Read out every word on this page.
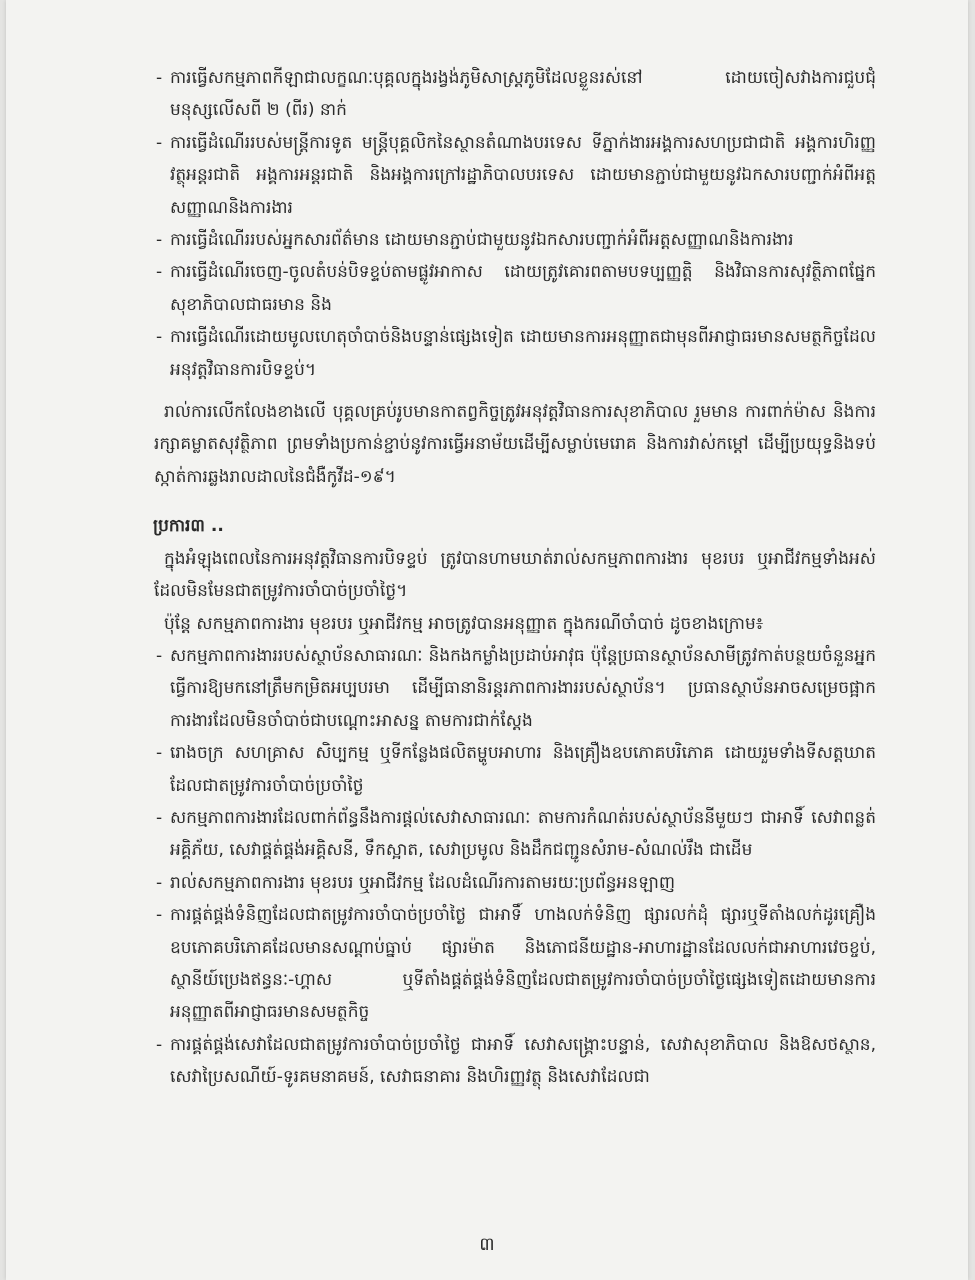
- ការធ្វើសកម្មភាពកីឡាជាលក្ខណៈបុគ្គលក្នុងរង្វង់ភូមិសាស្ត្រភូមិដែលខ្លួនរស់នៅ ដោយចៀសវាងការជួបជុំមនុស្សលើសពី ២ (ពីរ) នាក់
- ការធ្វើដំណើររបស់មន្ត្រីការទូត មន្ត្រីបុគ្គលិកនៃស្ថានតំណាងបរទេស ទីភ្នាក់ងារអង្គការសហប្រជាជាតិ អង្គការហិរញ្ញវត្ថុអន្តរជាតិ អង្គការអន្តរជាតិ និងអង្គការក្រៅរដ្ឋាភិបាលបរទេស ដោយមានភ្ជាប់ជាមួយនូវឯកសារបញ្ជាក់អំពីអត្តសញ្ញាណនិងការងារ
- ការធ្វើដំណើររបស់អ្នកសារព័ត៌មាន ដោយមានភ្ជាប់ជាមួយនូវឯកសារបញ្ជាក់អំពីអត្តសញ្ញាណនិងការងារ
- ការធ្វើដំណើរចេញ-ចូលតំបន់បិទខ្ទប់តាមផ្លូវអាកាស ដោយត្រូវគោរពតាមបទប្បញ្ញត្តិ និងវិធានការសុវត្ថិភាពផ្នែកសុខាភិបាលជាធរមាន និង
- ការធ្វើដំណើរដោយមូលហេតុចាំបាច់និងបន្ទាន់ផ្សេងទៀត ដោយមានការអនុញ្ញាតជាមុនពីអាជ្ញាធរមានសមត្ថកិច្ចដែលអនុវត្តវិធានការបិទខ្ទប់។

រាល់ការលើកលែងខាងលើ បុគ្គលគ្រប់រូបមានកាតព្វកិច្ចត្រូវអនុវត្តវិធានការសុខាភិបាល រួមមាន ការពាក់ម៉ាស និងការរក្សាគម្លាតសុវត្ថិភាព ព្រមទាំងប្រកាន់ខ្ជាប់នូវការធ្វើអនាម័យដើម្បីសម្លាប់មេរោគ និងការវាស់កម្តៅ ដើម្បីប្រយុទ្ធនិងទប់ស្កាត់ការឆ្លងរាលដាលនៃជំងឺកូវីដ-១៩។

ប្រការ៣ ..
ក្នុងអំឡុងពេលនៃការអនុវត្តវិធានការបិទខ្ទប់ ត្រូវបានហាមឃាត់រាល់សកម្មភាពការងារ មុខរបរ ឬអាជីវកម្មទាំងអស់ ដែលមិនមែនជាតម្រូវការចាំបាច់ប្រចាំថ្ងៃ។
ប៉ុន្តែ សកម្មភាពការងារ មុខរបរ ឬអាជីវកម្ម អាចត្រូវបានអនុញ្ញាត ក្នុងករណីចាំបាច់ ដូចខាងក្រោម៖
- សកម្មភាពការងាររបស់ស្ថាប័នសាធារណៈ និងកងកម្លាំងប្រដាប់អាវុធ ប៉ុន្តែប្រធានស្ថាប័នសាមីត្រូវកាត់បន្ថយចំនួនអ្នកធ្វើការឱ្យមកនៅត្រឹមកម្រិតអប្បបរមា ដើម្បីធានានិរន្តរភាពការងាររបស់ស្ថាប័ន។ ប្រធានស្ថាប័នអាចសម្រេចផ្អាកការងារដែលមិនចាំបាច់ជាបណ្ដោះអាសន្ន តាមការជាក់ស្តែង
- រោងចក្រ សហគ្រាស សិប្បកម្ម ឬទីកន្លែងផលិតម្ហូបអាហារ និងគ្រឿងឧបភោគបរិភោគ ដោយរួមទាំងទីសត្តឃាត ដែលជាតម្រូវការចាំបាច់ប្រចាំថ្ងៃ
- សកម្មភាពការងារដែលពាក់ព័ន្ធនឹងការផ្តល់សេវាសាធារណៈ តាមការកំណត់របស់ស្ថាប័ននីមួយៗ ជាអាទិ៍ សេវាពន្លត់អគ្គិភ័យ, សេវាផ្គត់ផ្គង់អគ្គិសនី, ទឹកស្អាត, សេវាប្រមូល និងដឹកជញ្ជូនសំរាម-សំណល់រឹង ជាដើម
- រាល់សកម្មភាពការងារ មុខរបរ ឬអាជីវកម្ម ដែលដំណើរការតាមរយៈប្រព័ន្ធអនឡាញ
- ការផ្គត់ផ្គង់ទំនិញដែលជាតម្រូវការចាំបាច់ប្រចាំថ្ងៃ ជាអាទិ៍ ហាងលក់ទំនិញ ផ្សារលក់ដុំ ផ្សារឬទីតាំងលក់ដូរគ្រឿងឧបភោគបរិភោគដែលមានសណ្តាប់ធ្នាប់ ផ្សារម៉ាត និងភោជនីយដ្ឋាន-អាហារដ្ឋានដែលលក់ជាអាហារវេចខ្ចប់, ស្ថានីយ៍ប្រេងឥន្ធនៈ-ហ្គាស ឬទីតាំងផ្គត់ផ្គង់ទំនិញដែលជាតម្រូវការចាំបាច់ប្រចាំថ្ងៃផ្សេងទៀតដោយមានការអនុញ្ញាតពីអាជ្ញាធរមានសមត្ថកិច្ច
- ការផ្គត់ផ្គង់សេវាដែលជាតម្រូវការចាំបាច់ប្រចាំថ្ងៃ ជាអាទិ៍ សេវាសង្គ្រោះបន្ទាន់, សេវាសុខាភិបាល និងឱសថស្ថាន, សេវាប្រៃសណីយ៍-ទូរគមនាគមន៍, សេវាធនាគារ និងហិរញ្ញវត្ថុ និងសេវាដែលជា
៣
